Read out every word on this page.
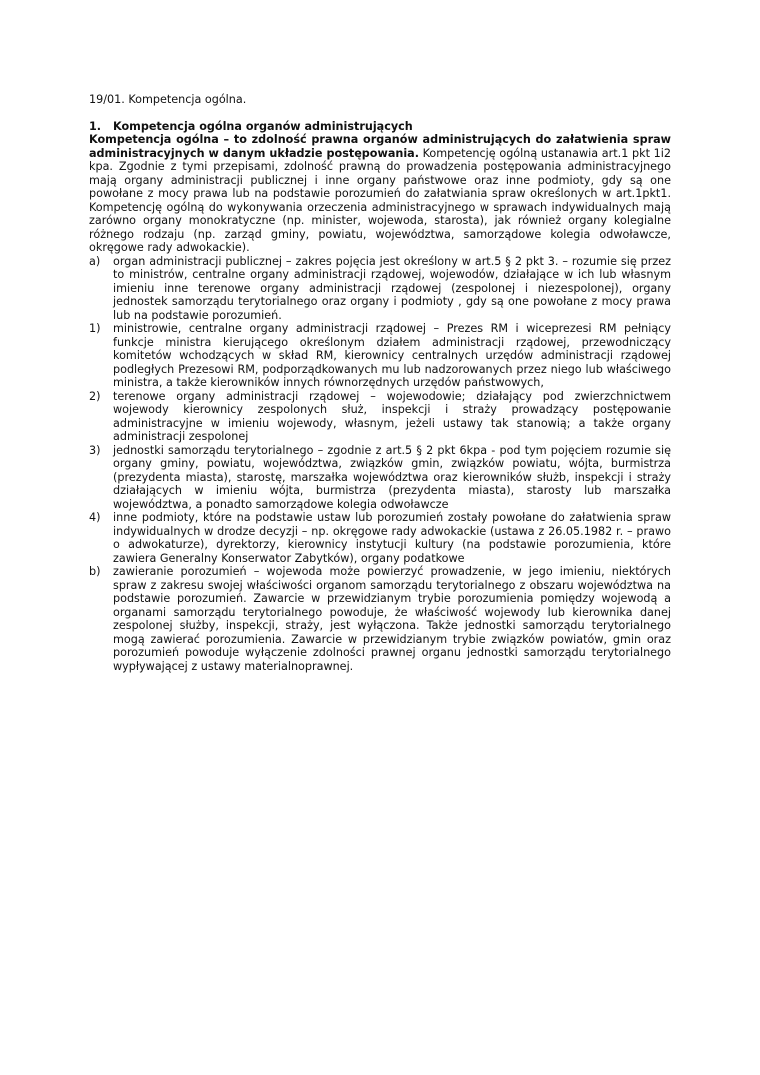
19/01. Kompetencja ogólna.

1. Kompetencja ogólna organów administrujących

Kompetencja ogólna – to zdolność prawna organów administrujących do załatwienia spraw administracyjnych w danym układzie postępowania. Kompetencję ogólną ustanawia art.1 pkt 1i2 kpa. Zgodnie z tymi przepisami, zdolność prawną do prowadzenia postępowania administracyjnego mają organy administracji publicznej i inne organy państwowe oraz inne podmioty, gdy są one powołane z mocy prawa lub na podstawie porozumień do załatwiania spraw określonych w art.1pkt1. Kompetencję ogólną do wykonywania orzeczenia administracyjnego w sprawach indywidualnych mają zarówno organy monokratyczne (np. minister, wojewoda, starosta), jak również organy kolegialne różnego rodzaju (np. zarząd gminy, powiatu, województwa, samorządowe kolegia odwoławcze, okręgowe rady adwokackie).

a)	organ administracji publicznej – zakres pojęcia jest określony w art.5 § 2 pkt 3. – rozumie się przez to ministrów, centralne organy administracji rządowej, wojewodów, działające w ich lub własnym imieniu inne terenowe organy administracji rządowej (zespolonej i niezespolonej), organy jednostek samorządu terytorialnego oraz organy i podmioty , gdy są one powołane z mocy prawa lub na podstawie porozumień.
1)	ministrowie, centralne organy administracji rządowej – Prezes RM i wiceprezesi RM pełniący funkcje ministra kierującego określonym działem administracji rządowej, przewodniczący komitetów wchodzących w skład RM, kierownicy centralnych urzędów administracji rządowej podległych Prezesowi RM, podporządkowanych mu lub nadzorowanych przez niego lub właściwego ministra, a także kierowników innych równorzędnych urzędów państwowych,
2)	terenowe organy administracji rządowej – wojewodowie; działający pod zwierzchnictwem wojewody kierownicy zespolonych służ, inspekcji i straży prowadzący postępowanie administracyjne w imieniu wojewody, własnym, jeżeli ustawy tak stanowią; a także organy administracji zespolonej
3)	jednostki samorządu terytorialnego – zgodnie z art.5 § 2 pkt 6kpa - pod tym pojęciem rozumie się organy gminy, powiatu, województwa, związków gmin, związków powiatu, wójta, burmistrza (prezydenta miasta), starostę, marszałka województwa oraz kierowników służb, inspekcji i straży działających w imieniu wójta, burmistrza (prezydenta miasta), starosty lub marszałka województwa, a ponadto samorządowe kolegia odwoławcze
4)	inne podmioty, które na podstawie ustaw lub porozumień zostały powołane do załatwienia spraw indywidualnych w drodze decyzji – np. okręgowe rady adwokackie (ustawa z 26.05.1982 r. – prawo o adwokaturze), dyrektorzy, kierownicy instytucji kultury (na podstawie porozumienia, które zawiera Generalny Konserwator Zabytków), organy podatkowe
b)	zawieranie porozumień – wojewoda może powierzyć prowadzenie, w jego imieniu, niektórych spraw z zakresu swojej właściwości organom samorządu terytorialnego z obszaru województwa na podstawie porozumień. Zawarcie w przewidzianym trybie porozumienia pomiędzy wojewodą a organami samorządu terytorialnego powoduje, że właściwość wojewody lub kierownika danej zespolonej służby, inspekcji, straży, jest wyłączona. Także jednostki samorządu terytorialnego mogą zawierać porozumienia. Zawarcie w przewidzianym trybie związków powiatów, gmin oraz porozumień powoduje wyłączenie zdolności prawnej organu jednostki samorządu terytorialnego wypływającej z ustawy materialnoprawnej.
